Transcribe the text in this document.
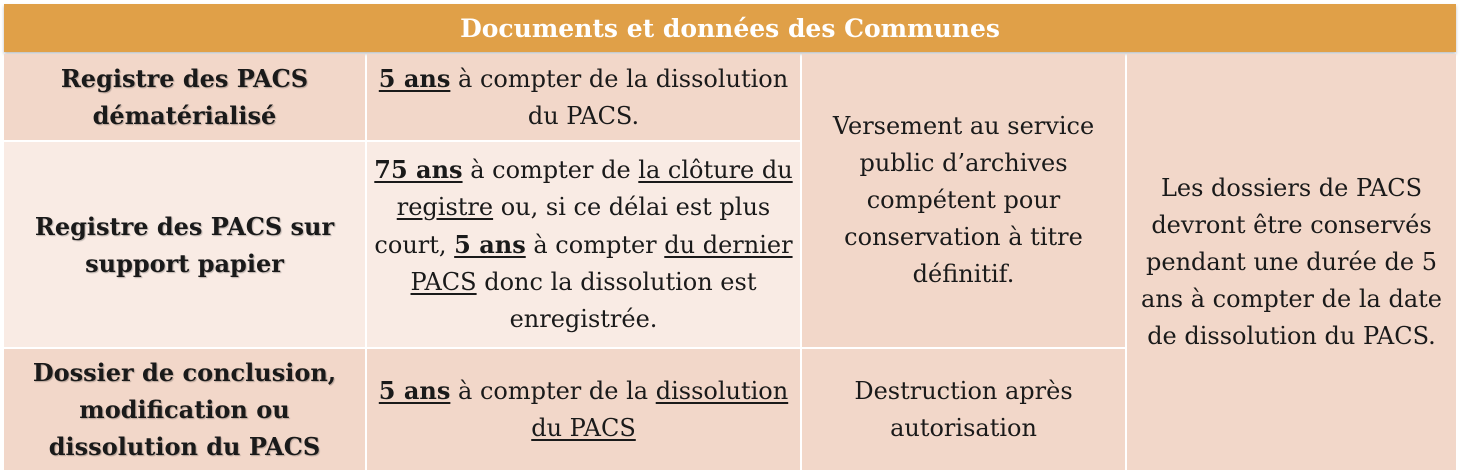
Documents et données des Communes
Registre des PACS
dématérialisé
5 ans à compter de la dissolution
du PACS.
Registre des PACS sur
support papier
75 ans à compter de la clôture du
registre ou, si ce délai est plus
court, 5 ans à compter du dernier
PACS donc la dissolution est
enregistrée.
Versement au service
public d’archives
compétent pour
conservation à titre
définitif.
Dossier de conclusion,
modification ou
dissolution du PACS
5 ans à compter de la dissolution
du PACS
Destruction après
autorisation
Les dossiers de PACS
devront être conservés
pendant une durée de 5
ans à compter de la date
de dissolution du PACS.
